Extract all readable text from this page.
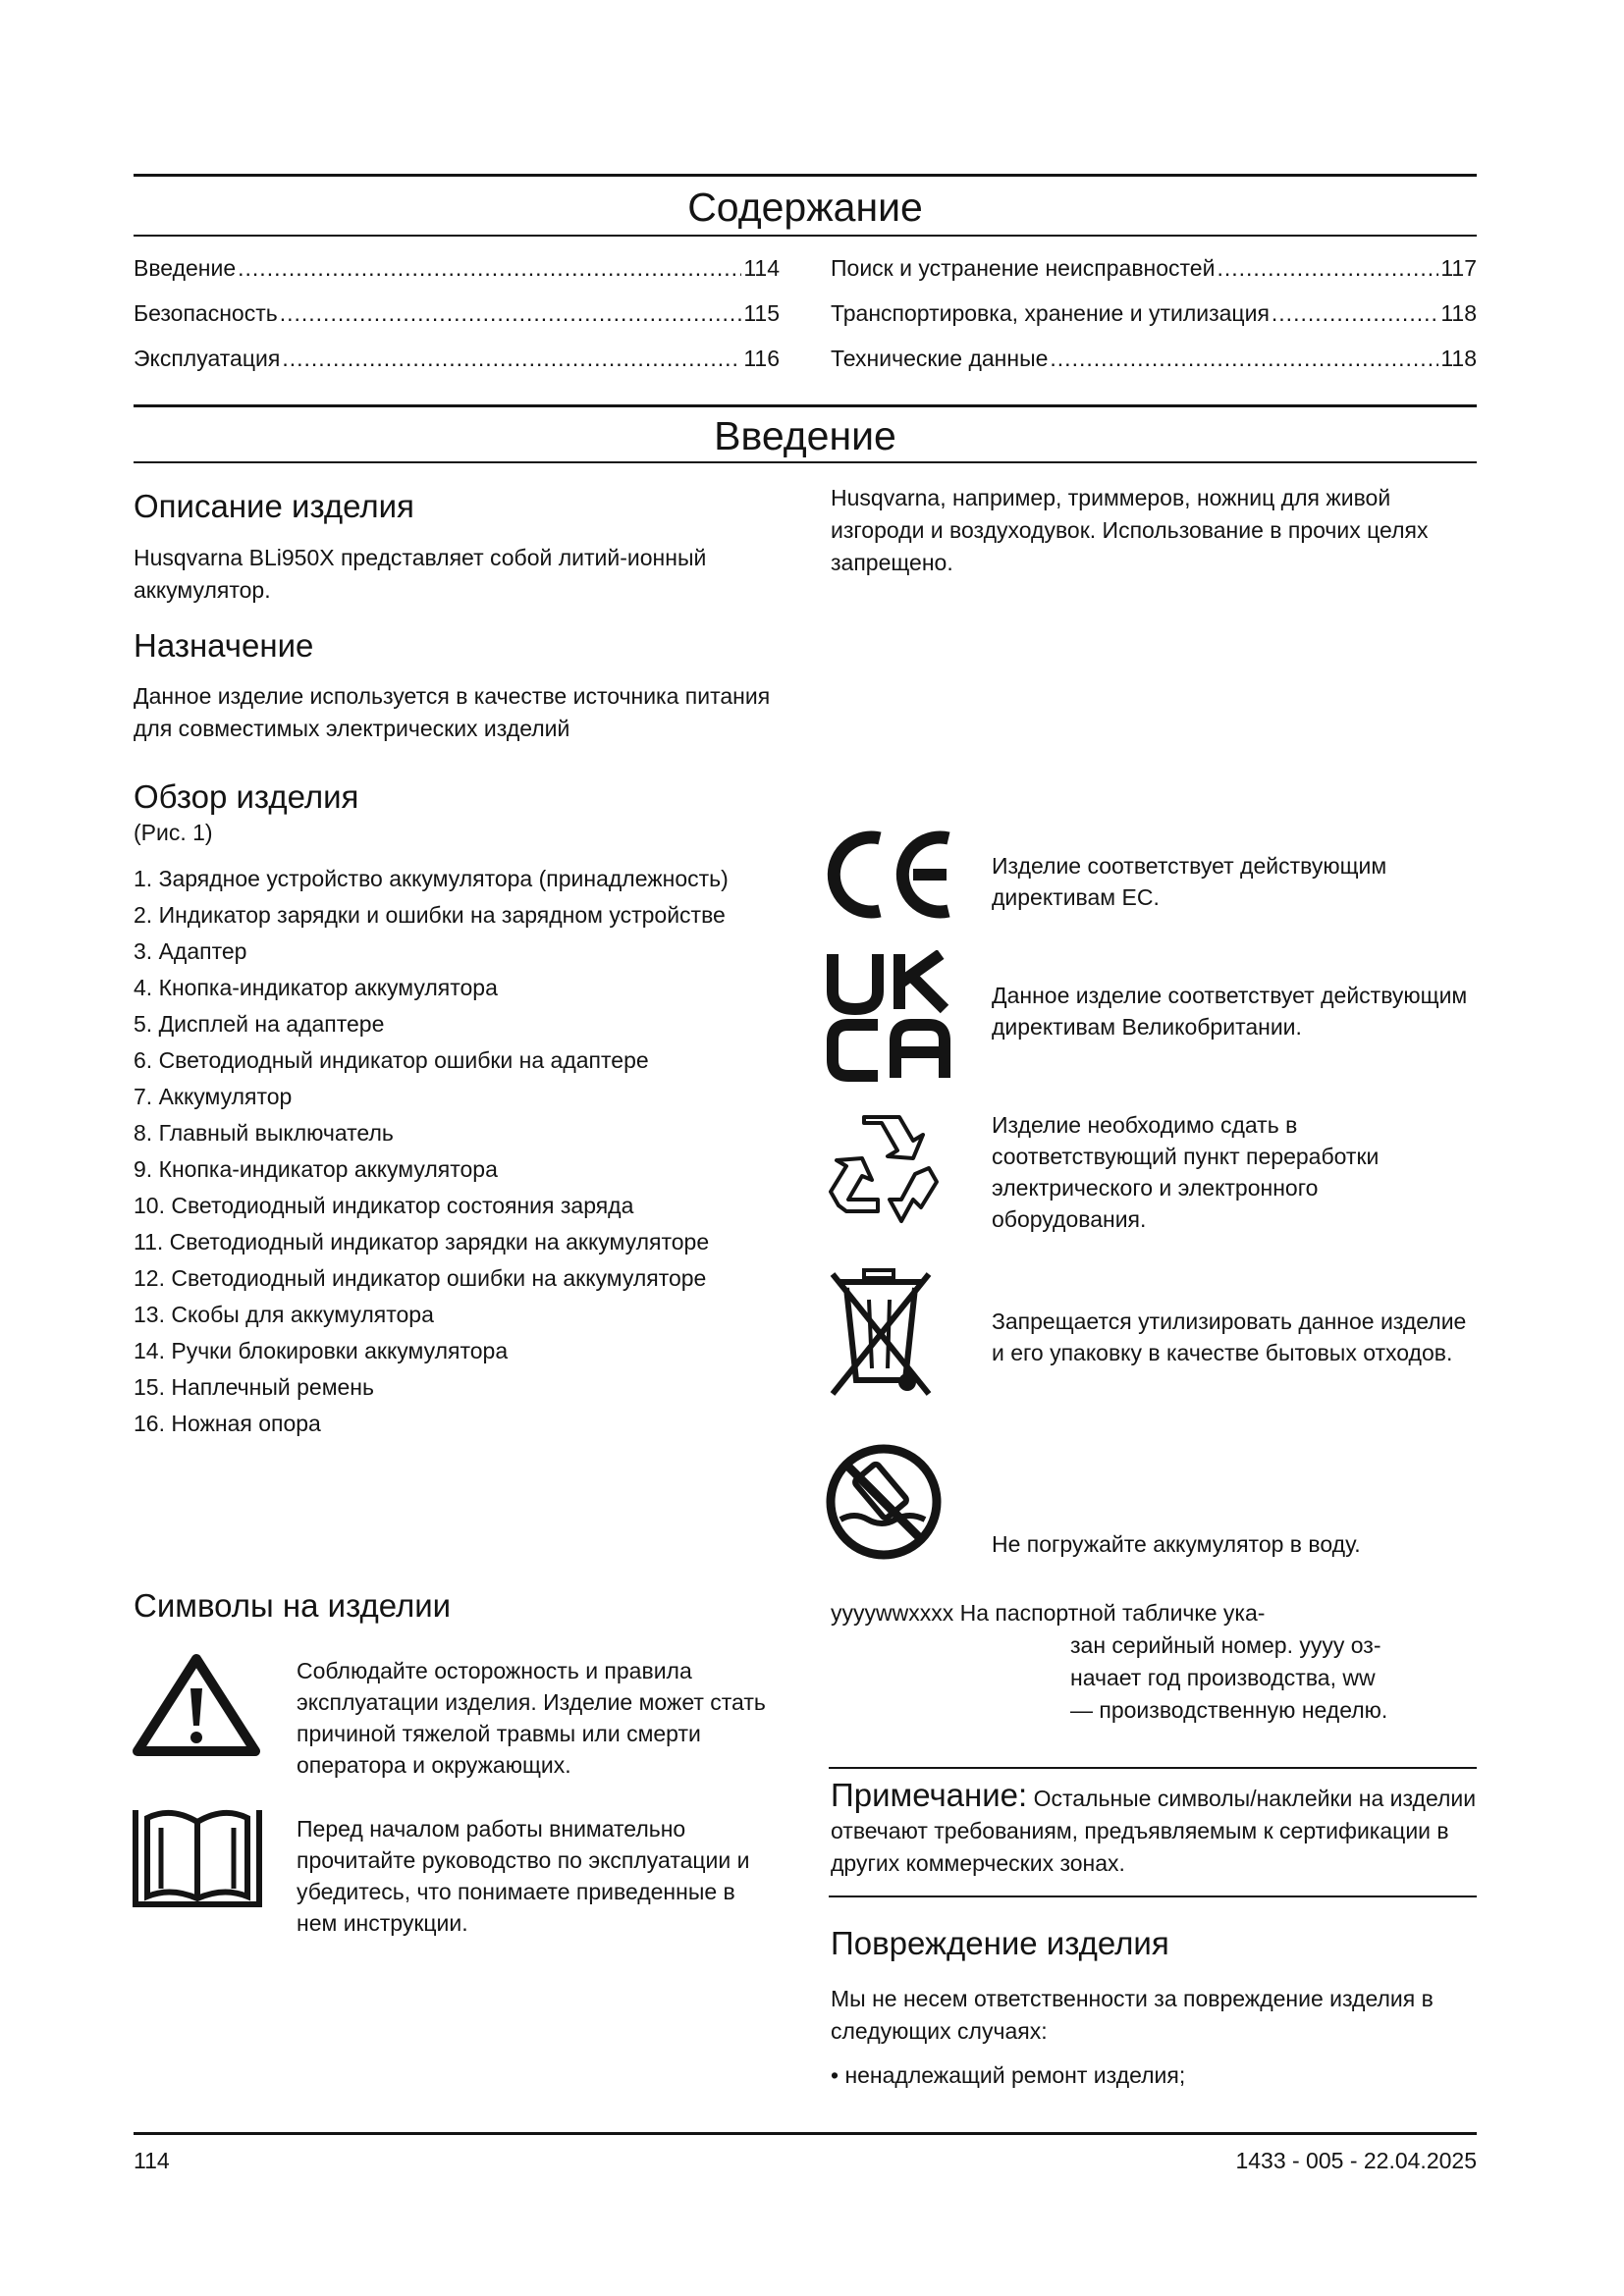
Содержание
Введение .....	114
Безопасность .....	115
Эксплуатация .....	116
Поиск и устранение неисправностей .....	117
Транспортировка, хранение и утилизация .....	118
Технические данные .....	118
Введение
Описание изделия
Husqvarna BLi950X представляет собой литий-ионный аккумулятор.
Назначение
Данное изделие используется в качестве источника питания для совместимых электрических изделий
Обзор изделия
(Рис. 1)
1. Зарядное устройство аккумулятора (принадлежность)
2. Индикатор зарядки и ошибки на зарядном устройстве
3. Адаптер
4. Кнопка-индикатор аккумулятора
5. Дисплей на адаптере
6. Светодиодный индикатор ошибки на адаптере
7. Аккумулятор
8. Главный выключатель
9. Кнопка-индикатор аккумулятора
10. Светодиодный индикатор состояния заряда
11. Светодиодный индикатор зарядки на аккумуляторе
12. Светодиодный индикатор ошибки на аккумуляторе
13. Скобы для аккумулятора
14. Ручки блокировки аккумулятора
15. Наплечный ремень
16. Ножная опора
Символы на изделии
Соблюдайте осторожность и правила эксплуатации изделия. Изделие может стать причиной тяжелой травмы или смерти оператора и окружающих.
Перед началом работы внимательно прочитайте руководство по эксплуатации и убедитесь, что понимаете приведенные в нем инструкции.
Husqvarna, например, триммеров, ножниц для живой изгороди и воздуходувок. Использование в прочих целях запрещено.
Изделие соответствует действующим директивам ЕС.
Данное изделие соответствует действующим директивам Великобритании.
Изделие необходимо сдать в соответствующий пункт переработки электрического и электронного оборудования.
Запрещается утилизировать данное изделие и его упаковку в качестве бытовых отходов.
Не погружайте аккумулятор в воду.
yyyywwxxxx На паспортной табличке ука-
зан серийный номер. yyyy оз-
начает год производства, ww
— производственную неделю.
Примечание: Остальные символы/наклейки на изделии отвечают требованиям, предъявляемым к сертификации в других коммерческих зонах.
Повреждение изделия
Мы не несем ответственности за повреждение изделия в следующих случаях:
• ненадлежащий ремонт изделия;
114	1433 - 005 - 22.04.2025
